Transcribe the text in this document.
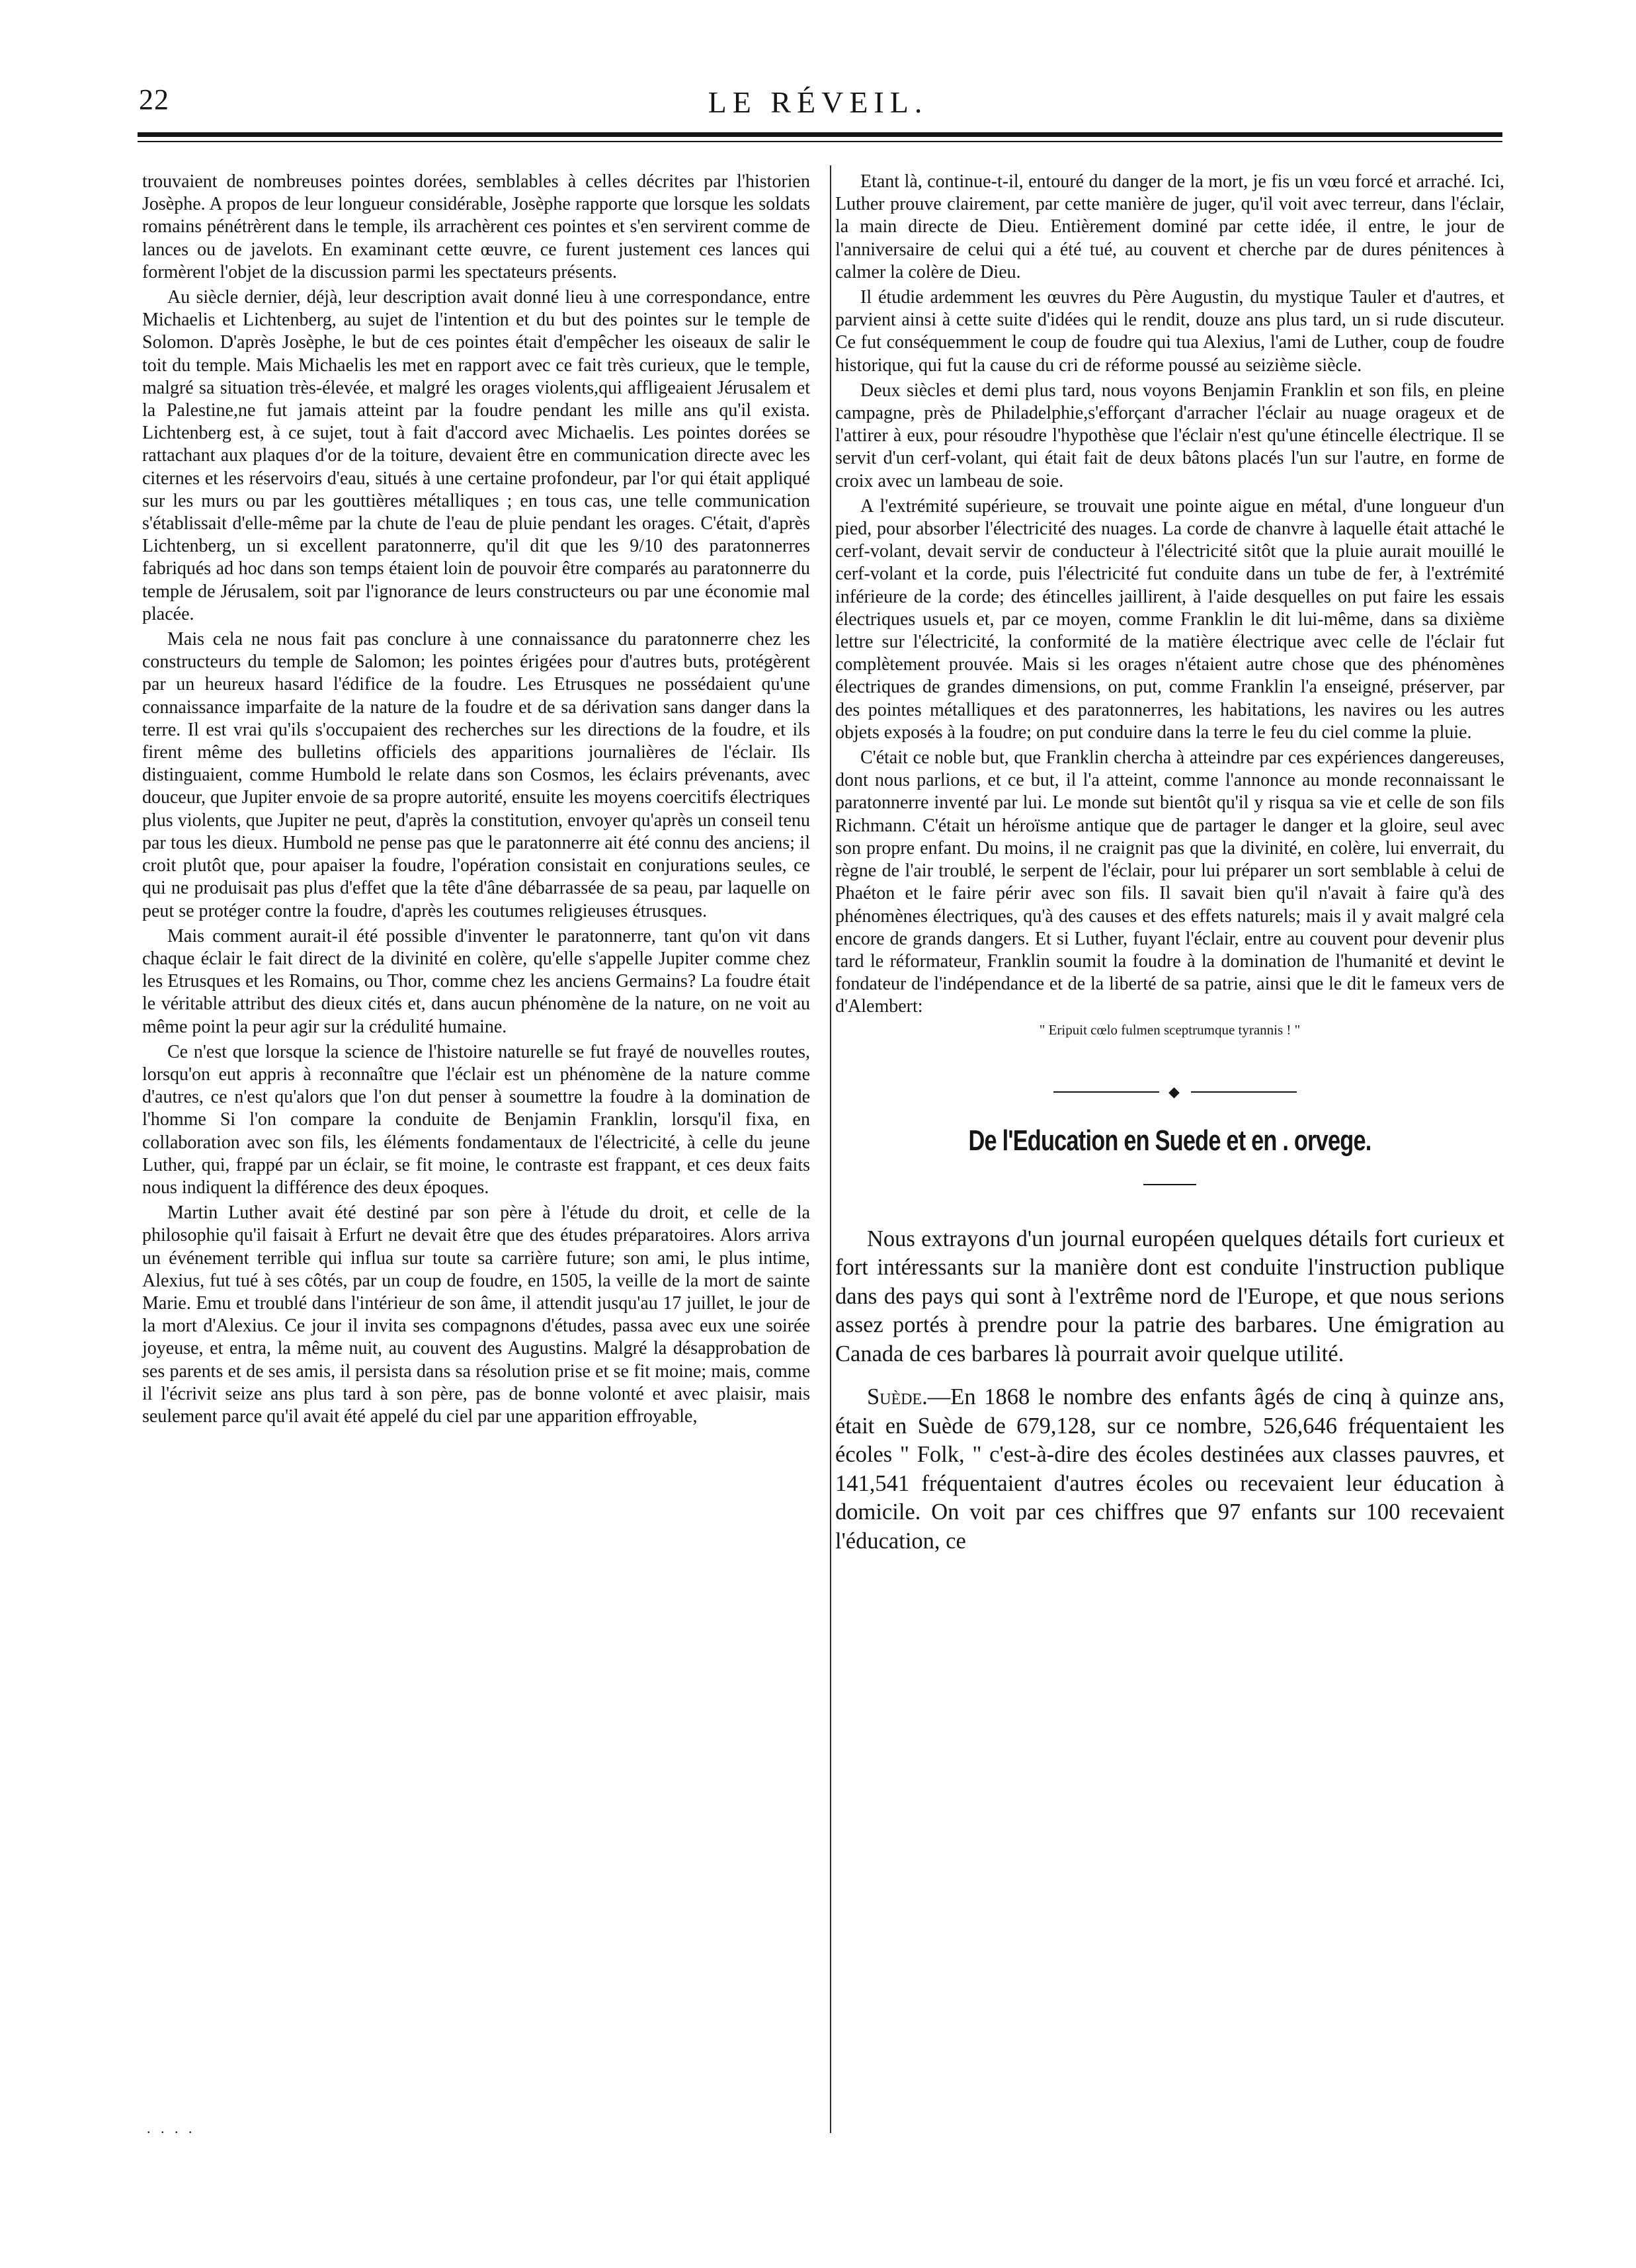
22	LE RÉVEIL.

trouvaient de nombreuses pointes dorées, semblables à celles décrites par l'historien Josèphe. A propos de leur longueur considérable, Josèphe rapporte que lorsque les soldats romains pénétrèrent dans le temple, ils arrachèrent ces pointes et s'en servirent comme de lances ou de javelots. En examinant cette œuvre, ce furent justement ces lances qui formèrent l'objet de la discussion parmi les spectateurs présents.

Au siècle dernier, déjà, leur description avait donné lieu à une correspondance, entre Michaelis et Lichtenberg, au sujet de l'intention et du but des pointes sur le temple de Solomon. D'après Josèphe, le but de ces pointes était d'empêcher les oiseaux de salir le toit du temple. Mais Michaelis les met en rapport avec ce fait très curieux, que le temple, malgré sa situation très-élevée, et malgré les orages violents,qui affligeaient Jérusalem et la Palestine,ne fut jamais atteint par la foudre pendant les mille ans qu'il exista. Lichtenberg est, à ce sujet, tout à fait d'accord avec Michaelis. Les pointes dorées se rattachant aux plaques d'or de la toiture, devaient être en communication directe avec les citernes et les réservoirs d'eau, situés à une certaine profondeur, par l'or qui était appliqué sur les murs ou par les gouttières métalliques ; en tous cas, une telle communication s'établissait d'elle-même par la chute de l'eau de pluie pendant les orages. C'était, d'après Lichtenberg, un si excellent paratonnerre, qu'il dit que les 9/10 des paratonnerres fabriqués ad hoc dans son temps étaient loin de pouvoir être comparés au paratonnerre du temple de Jérusalem, soit par l'ignorance de leurs constructeurs ou par une économie mal placée.

Mais cela ne nous fait pas conclure à une connaissance du paratonnerre chez les constructeurs du temple de Salomon; les pointes érigées pour d'autres buts, protégèrent par un heureux hasard l'édifice de la foudre. Les Etrusques ne possédaient qu'une connaissance imparfaite de la nature de la foudre et de sa dérivation sans danger dans la terre. Il est vrai qu'ils s'occupaient des recherches sur les directions de la foudre, et ils firent même des bulletins officiels des apparitions journalières de l'éclair. Ils distinguaient, comme Humbold le relate dans son Cosmos, les éclairs prévenants, avec douceur, que Jupiter envoie de sa propre autorité, ensuite les moyens coercitifs électriques plus violents, que Jupiter ne peut, d'après la constitution, envoyer qu'après un conseil tenu par tous les dieux. Humbold ne pense pas que le paratonnerre ait été connu des anciens; il croit plutôt que, pour apaiser la foudre, l'opération consistait en conjurations seules, ce qui ne produisait pas plus d'effet que la tête d'âne débarrassée de sa peau, par laquelle on peut se protéger contre la foudre, d'après les coutumes religieuses étrusques.

Mais comment aurait-il été possible d'inventer le paratonnerre, tant qu'on vit dans chaque éclair le fait direct de la divinité en colère, qu'elle s'appelle Jupiter comme chez les Etrusques et les Romains, ou Thor, comme chez les anciens Germains? La foudre était le véritable attribut des dieux cités et, dans aucun phénomène de la nature, on ne voit au même point la peur agir sur la crédulité humaine.

Ce n'est que lorsque la science de l'histoire naturelle se fut frayé de nouvelles routes, lorsqu'on eut appris à reconnaître que l'éclair est un phénomène de la nature comme d'autres, ce n'est qu'alors que l'on dut penser à soumettre la foudre à la domination de l'homme Si l'on compare la conduite de Benjamin Franklin, lorsqu'il fixa, en collaboration avec son fils, les éléments fondamentaux de l'électricité, à celle du jeune Luther, qui, frappé par un éclair, se fit moine, le contraste est frappant, et ces deux faits nous indiquent la différence des deux époques.

Martin Luther avait été destiné par son père à l'étude du droit, et celle de la philosophie qu'il faisait à Erfurt ne devait être que des études préparatoires. Alors arriva un événement terrible qui influa sur toute sa carrière future; son ami, le plus intime, Alexius, fut tué à ses côtés, par un coup de foudre, en 1505, la veille de la mort de sainte Marie. Emu et troublé dans l'intérieur de son âme, il attendit jusqu'au 17 juillet, le jour de la mort d'Alexius. Ce jour il invita ses compagnons d'études, passa avec eux une soirée joyeuse, et entra, la même nuit, au couvent des Augustins. Malgré la désapprobation de ses parents et de ses amis, il persista dans sa résolution prise et se fit moine; mais, comme il l'écrivit seize ans plus tard à son père, pas de bonne volonté et avec plaisir, mais seulement parce qu'il avait été appelé du ciel par une apparition effroyable,

Etant là, continue-t-il, entouré du danger de la mort, je fis un vœu forcé et arraché. Ici, Luther prouve clairement, par cette manière de juger, qu'il voit avec terreur, dans l'éclair, la main directe de Dieu. Entièrement dominé par cette idée, il entre, le jour de l'anniversaire de celui qui a été tué, au couvent et cherche par de dures pénitences à calmer la colère de Dieu.

Il étudie ardemment les œuvres du Père Augustin, du mystique Tauler et d'autres, et parvient ainsi à cette suite d'idées qui le rendit, douze ans plus tard, un si rude discuteur. Ce fut conséquemment le coup de foudre qui tua Alexius, l'ami de Luther, coup de foudre historique, qui fut la cause du cri de réforme poussé au seizième siècle.

Deux siècles et demi plus tard, nous voyons Benjamin Franklin et son fils, en pleine campagne, près de Philadelphie,s'efforçant d'arracher l'éclair au nuage orageux et de l'attirer à eux, pour résoudre l'hypothèse que l'éclair n'est qu'une étincelle électrique. Il se servit d'un cerf-volant, qui était fait de deux bâtons placés l'un sur l'autre, en forme de croix avec un lambeau de soie.

A l'extrémité supérieure, se trouvait une pointe aigue en métal, d'une longueur d'un pied, pour absorber l'électricité des nuages. La corde de chanvre à laquelle était attaché le cerf-volant, devait servir de conducteur à l'électricité sitôt que la pluie aurait mouillé le cerf-volant et la corde, puis l'électricité fut conduite dans un tube de fer, à l'extrémité inférieure de la corde; des étincelles jaillirent, à l'aide desquelles on put faire les essais électriques usuels et, par ce moyen, comme Franklin le dit lui-même, dans sa dixième lettre sur l'électricité, la conformité de la matière électrique avec celle de l'éclair fut complètement prouvée. Mais si les orages n'étaient autre chose que des phénomènes électriques de grandes dimensions, on put, comme Franklin l'a enseigné, préserver, par des pointes métalliques et des paratonnerres, les habitations, les navires ou les autres objets exposés à la foudre; on put conduire dans la terre le feu du ciel comme la pluie.

C'était ce noble but, que Franklin chercha à atteindre par ces expériences dangereuses, dont nous parlions, et ce but, il l'a atteint, comme l'annonce au monde reconnaissant le paratonnerre inventé par lui. Le monde sut bientôt qu'il y risqua sa vie et celle de son fils Richmann. C'était un héroïsme antique que de partager le danger et la gloire, seul avec son propre enfant. Du moins, il ne craignit pas que la divinité, en colère, lui enverrait, du règne de l'air troublé, le serpent de l'éclair, pour lui préparer un sort semblable à celui de Phaéton et le faire périr avec son fils. Il savait bien qu'il n'avait à faire qu'à des phénomènes électriques, qu'à des causes et des effets naturels; mais il y avait malgré cela encore de grands dangers. Et si Luther, fuyant l'éclair, entre au couvent pour devenir plus tard le réformateur, Franklin soumit la foudre à la domination de l'humanité et devint le fondateur de l'indépendance et de la liberté de sa patrie, ainsi que le dit le fameux vers de d'Alembert:

" Eripuit cœlo fulmen sceptrumque tyrannis ! "

◆
De l'Education en Suede et en . orvege.

Nous extrayons d'un journal européen quelques détails fort curieux et fort intéressants sur la manière dont est conduite l'instruction publique dans des pays qui sont à l'extrême nord de l'Europe, et que nous serions assez portés à prendre pour la patrie des barbares. Une émigration au Canada de ces barbares là pourrait avoir quelque utilité.

Suède.—En 1868 le nombre des enfants âgés de cinq à quinze ans, était en Suède de 679,128, sur ce nombre, 526,646 fréquentaient les écoles " Folk, " c'est-à-dire des écoles destinées aux classes pauvres, et 141,541 fréquentaient d'autres écoles ou recevaient leur éducation à domicile. On voit par ces chiffres que 97 enfants sur 100 recevaient l'éducation, ce

. . . .
